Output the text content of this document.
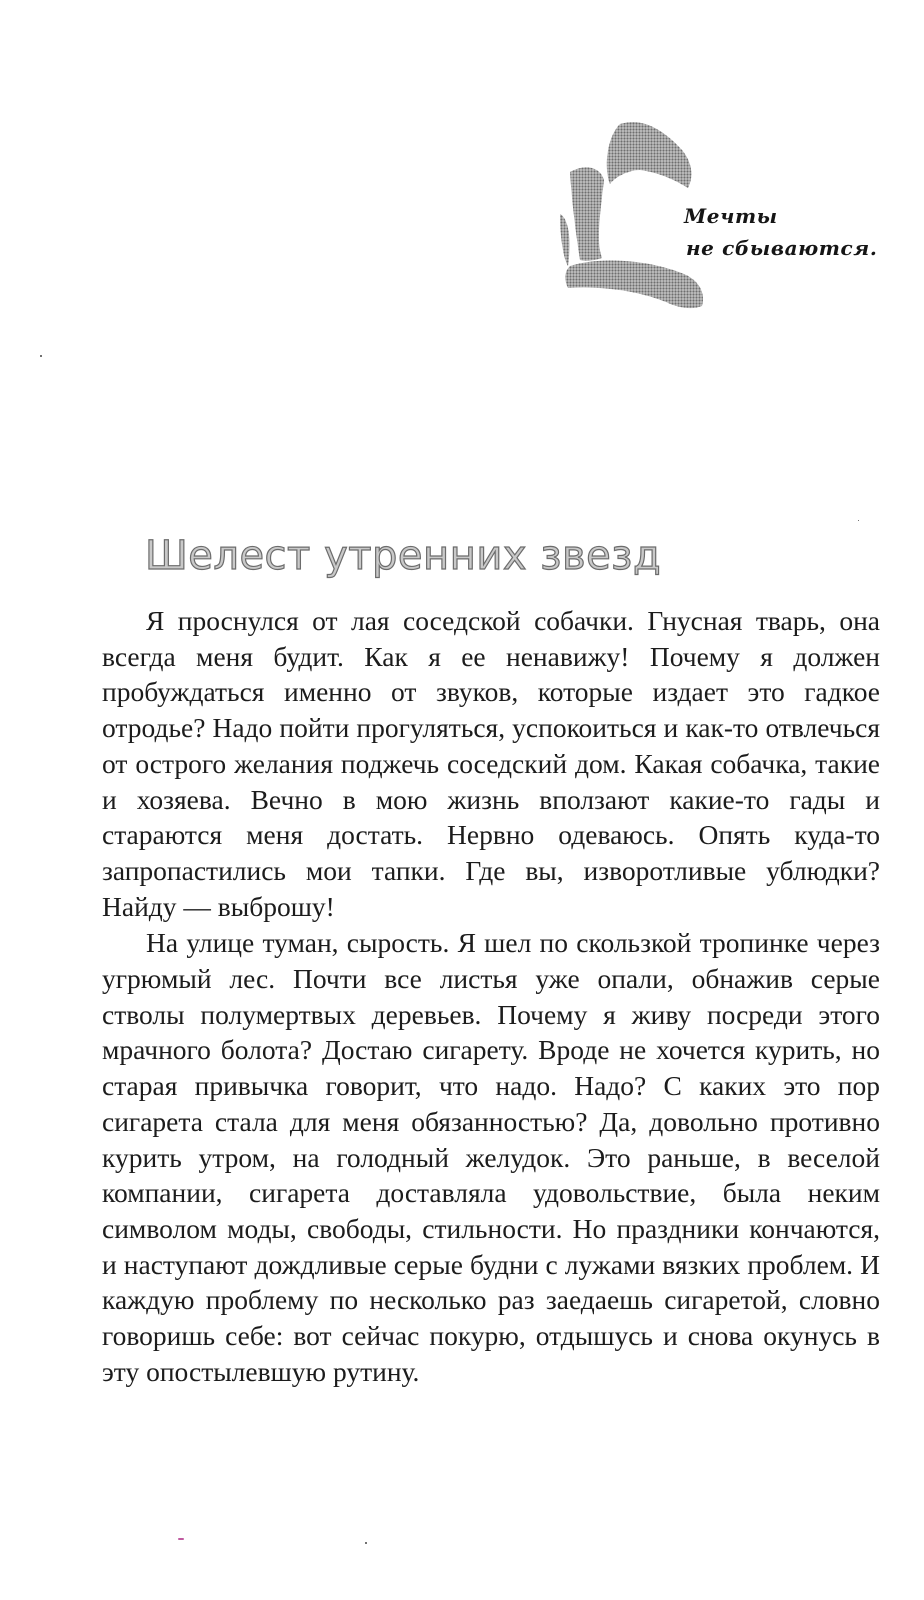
Мечты
не сбываются.
Шелест утренних звезд

Я проснулся от лая соседской собачки. Гнусная тварь, она всегда меня будит. Как я ее ненавижу! Почему я должен пробуждаться именно от звуков, которые издает это гадкое отродье? Надо пойти прогуляться, успокоиться и как-то отвлечься от острого желания поджечь соседский дом. Какая собачка, такие и хозяева. Вечно в мою жизнь вползают какие-то гады и стараются меня достать. Нервно одеваюсь. Опять куда-то запропастились мои тапки. Где вы, изворотливые ублюдки? Найду — выброшу!

На улице туман, сырость. Я шел по скользкой тропинке через угрюмый лес. Почти все листья уже опали, обнажив серые стволы полумертвых деревьев. Почему я живу посреди этого мрачного болота? Достаю сигарету. Вроде не хочется курить, но старая привычка говорит, что надо. Надо? С каких это пор сигарета стала для меня обязанностью? Да, довольно противно курить утром, на голодный желудок. Это раньше, в веселой компании, сигарета доставляла удовольствие, была неким символом моды, свободы, стильности. Но праздники кончаются, и наступают дождливые серые будни с лужами вязких проблем. И каждую проблему по несколько раз заедаешь сигаретой, словно говоришь себе: вот сейчас покурю, отдышусь и снова окунусь в эту опостылевшую рутину.
